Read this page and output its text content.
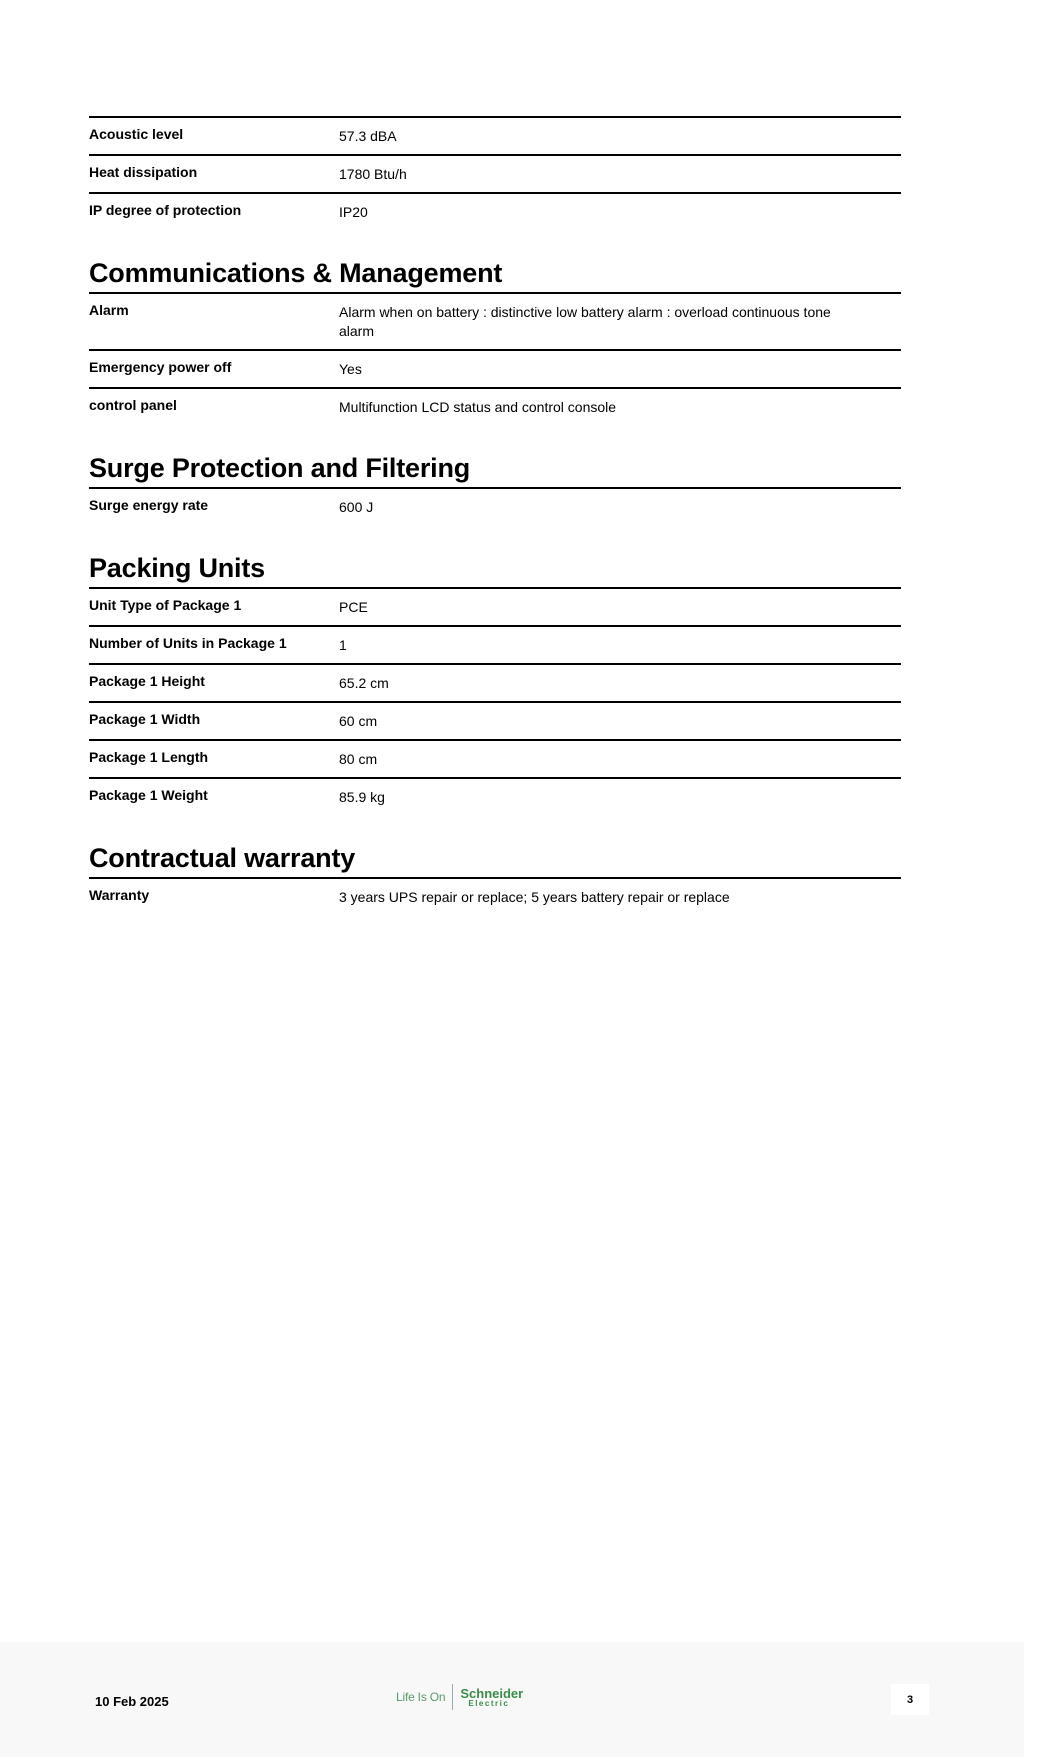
Acoustic level	57.3 dBA
Heat dissipation	1780 Btu/h
IP degree of protection	IP20
Communications & Management
Alarm	Alarm when on battery : distinctive low battery alarm : overload continuous tone alarm
Emergency power off	Yes
control panel	Multifunction LCD status and control console
Surge Protection and Filtering
Surge energy rate	600 J
Packing Units
Unit Type of Package 1	PCE
Number of Units in Package 1	1
Package 1 Height	65.2 cm
Package 1 Width	60 cm
Package 1 Length	80 cm
Package 1 Weight	85.9 kg
Contractual warranty
Warranty	3 years UPS repair or replace; 5 years battery repair or replace
10 Feb 2025	Life Is On Schneider
Electric	3
